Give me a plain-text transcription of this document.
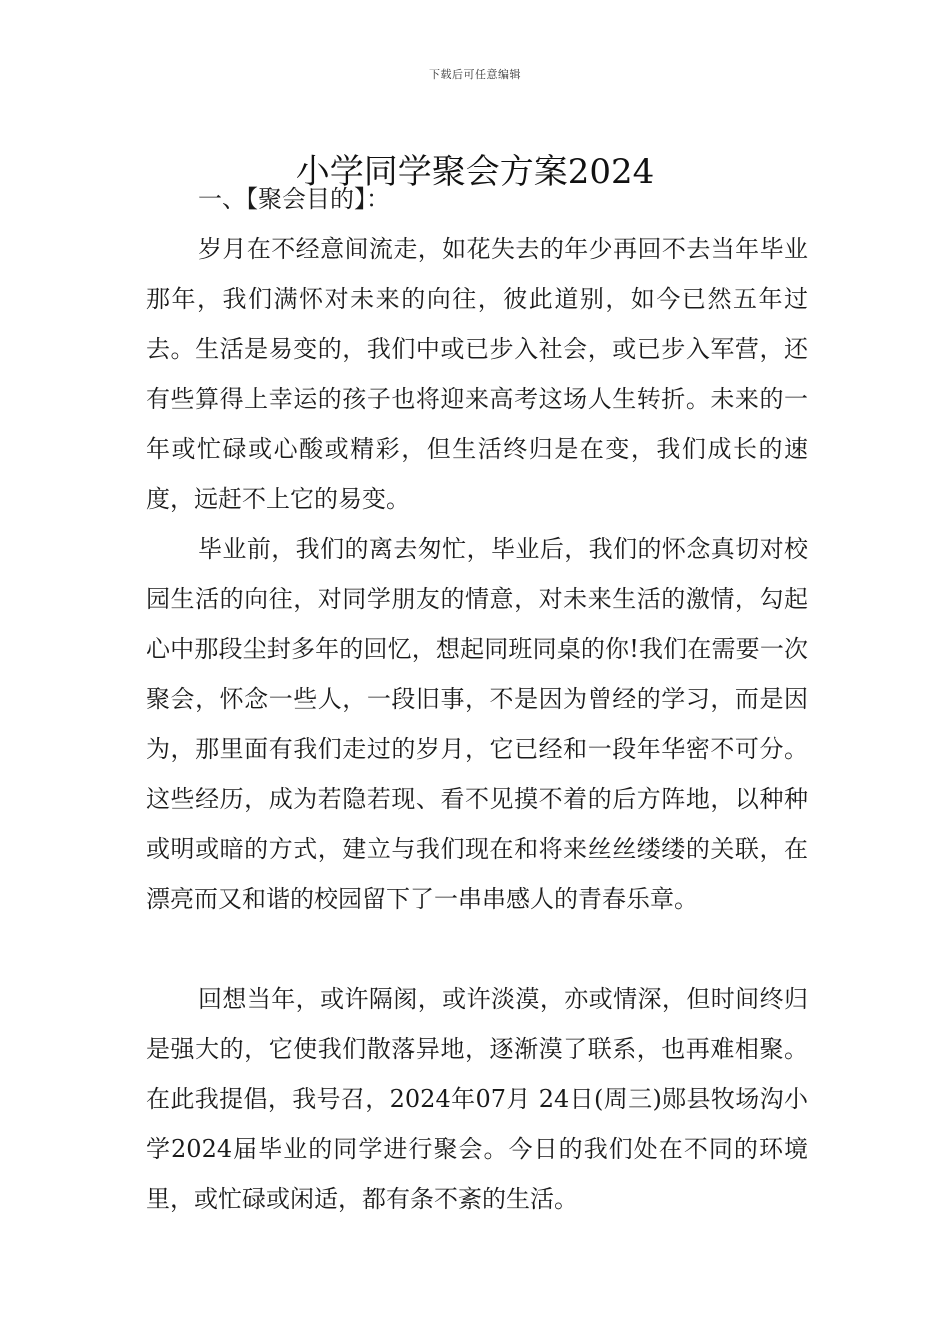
下载后可任意编辑
小学同学聚会方案2024
一、【聚会目的】：

岁月在不经意间流走，如花失去的年少再回不去当年毕业那年，我们满怀对未来的向往，彼此道别，如今已然五年过去。生活是易变的，我们中或已步入社会，或已步入军营，还有些算得上幸运的孩子也将迎来高考这场人生转折。未来的一年或忙碌或心酸或精彩，但生活终归是在变，我们成长的速度，远赶不上它的易变。

毕业前，我们的离去匆忙，毕业后，我们的怀念真切对校园生活的向往，对同学朋友的情意，对未来生活的激情，勾起心中那段尘封多年的回忆，想起同班同桌的你!我们在需要一次聚会，怀念一些人，一段旧事，不是因为曾经的学习，而是因为，那里面有我们走过的岁月，它已经和一段年华密不可分。这些经历，成为若隐若现、看不见摸不着的后方阵地，以种种或明或暗的方式，建立与我们现在和将来丝丝缕缕的关联，在漂亮而又和谐的校园留下了一串串感人的青春乐章。

回想当年，或许隔阂，或许淡漠，亦或情深，但时间终归是强大的，它使我们散落异地，逐渐漠了联系，也再难相聚。在此我提倡，我号召，2024年07月 24日(周三)郧县牧场沟小学2024届毕业的同学进行聚会。今日的我们处在不同的环境里，或忙碌或闲适，都有条不紊的生活。
